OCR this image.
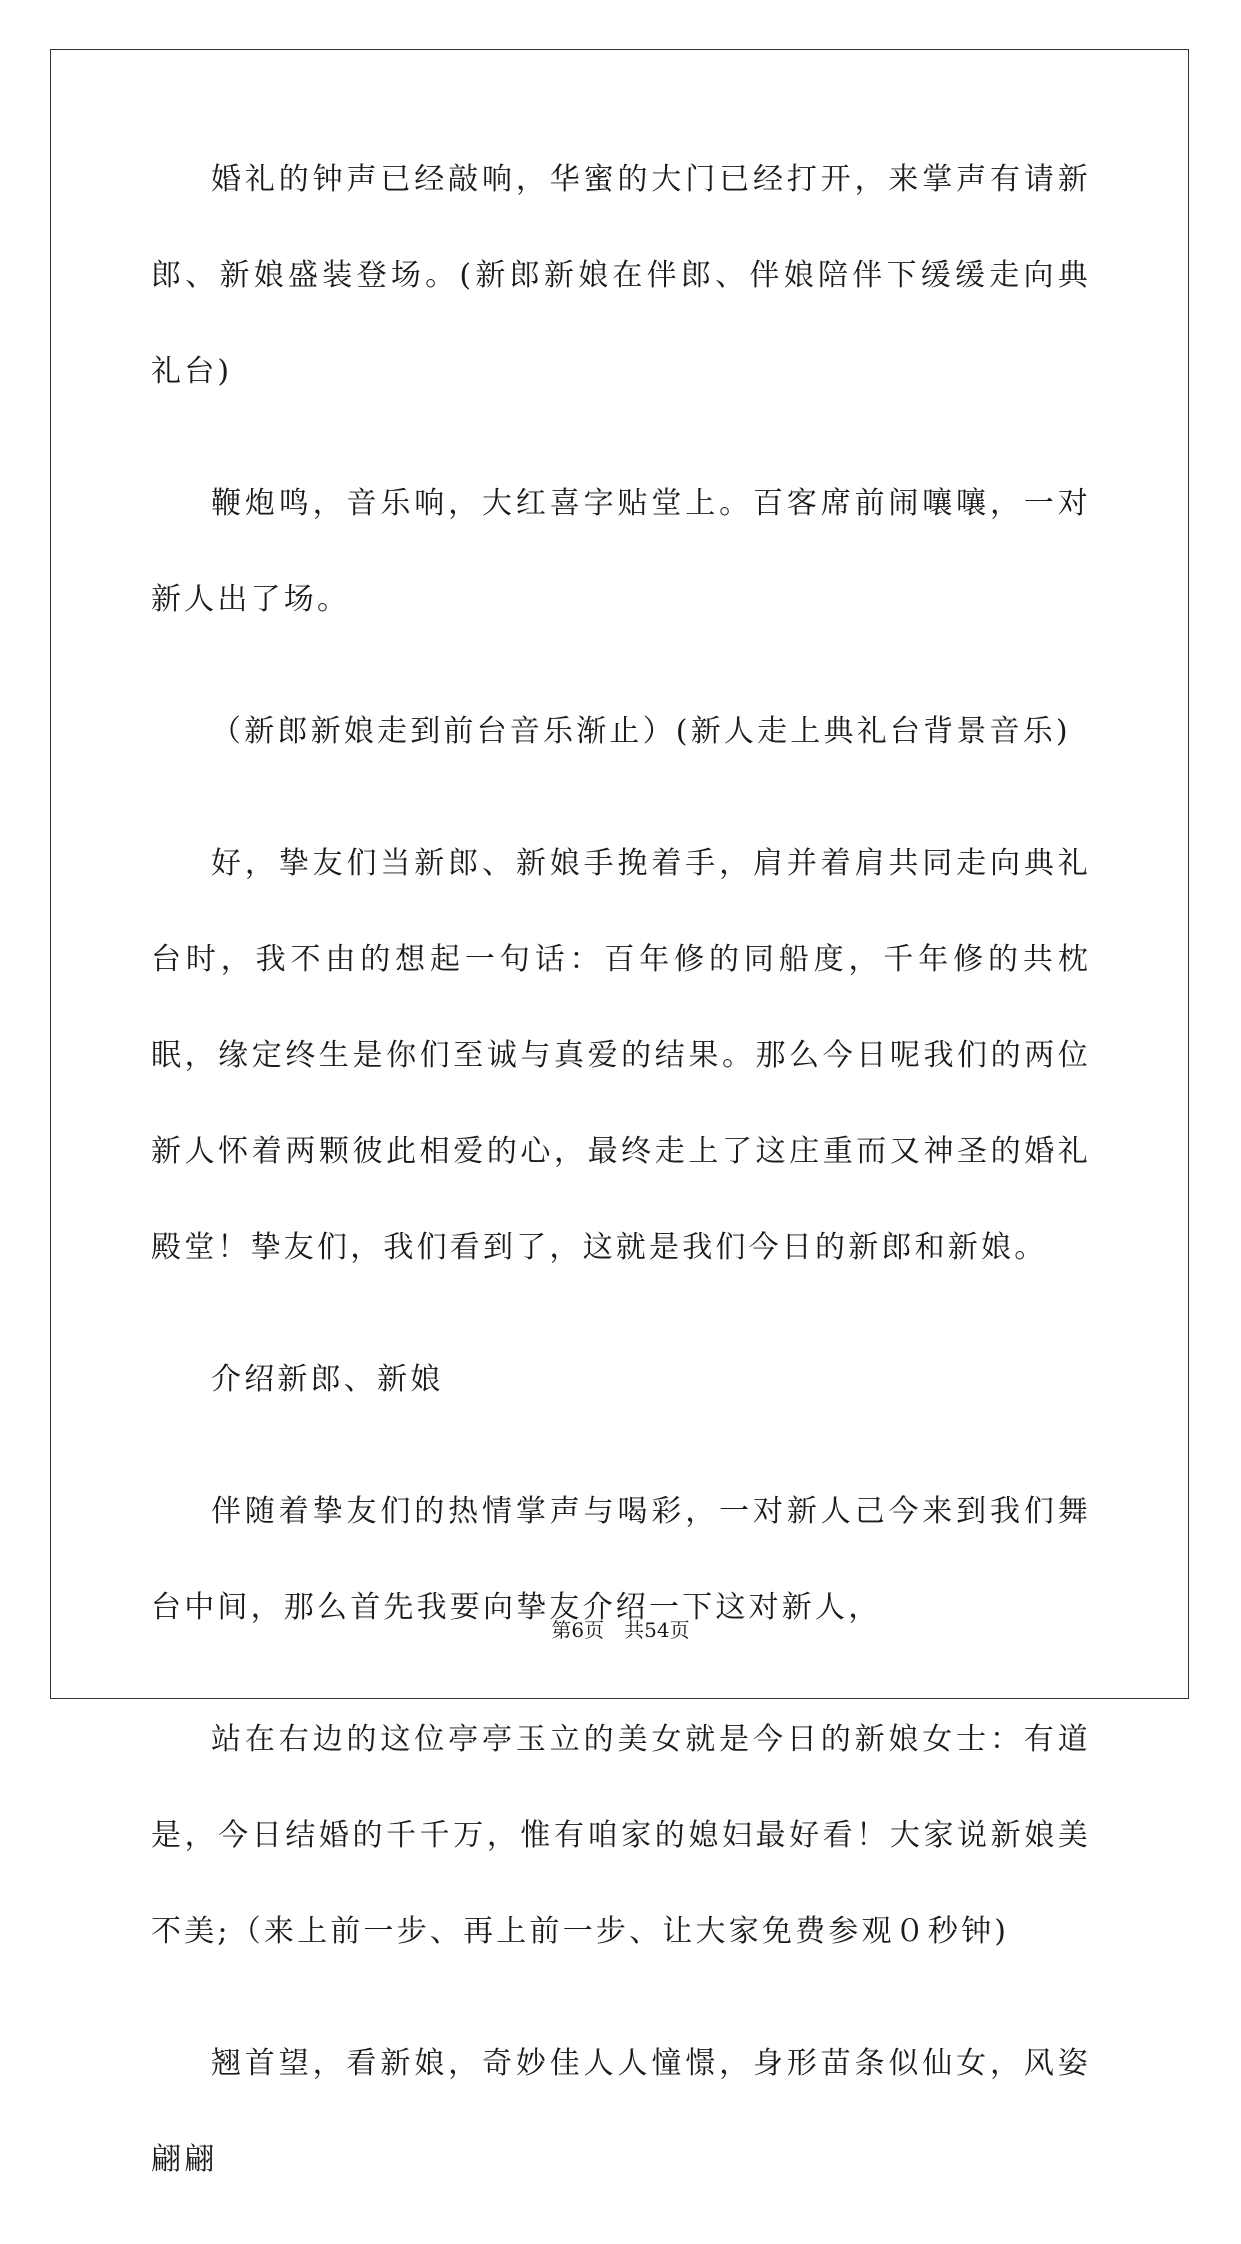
婚礼的钟声已经敲响，华蜜的大门已经打开，来掌声有请新郎、新娘盛装登场。(新郎新娘在伴郎、伴娘陪伴下缓缓走向典礼台)

鞭炮鸣，音乐响，大红喜字贴堂上。百客席前闹嚷嚷，一对新人出了场。

（新郎新娘走到前台音乐渐止）(新人走上典礼台背景音乐)

好，挚友们当新郎、新娘手挽着手，肩并着肩共同走向典礼台时，我不由的想起一句话：百年修的同船度，千年修的共枕眠，缘定终生是你们至诚与真爱的结果。那么今日呢我们的两位新人怀着两颗彼此相爱的心，最终走上了这庄重而又神圣的婚礼殿堂！挚友们，我们看到了，这就是我们今日的新郎和新娘。

介绍新郎、新娘

伴随着挚友们的热情掌声与喝彩，一对新人己今来到我们舞台中间，那么首先我要向挚友介绍一下这对新人，

站在右边的这位亭亭玉立的美女就是今日的新娘女士：有道是，今日结婚的千千万，惟有咱家的媳妇最好看！大家说新娘美不美;（来上前一步、再上前一步、让大家免费参观０秒钟)

翘首望，看新娘，奇妙佳人人憧憬，身形苗条似仙女，风姿翩翩

第6页 共54页
